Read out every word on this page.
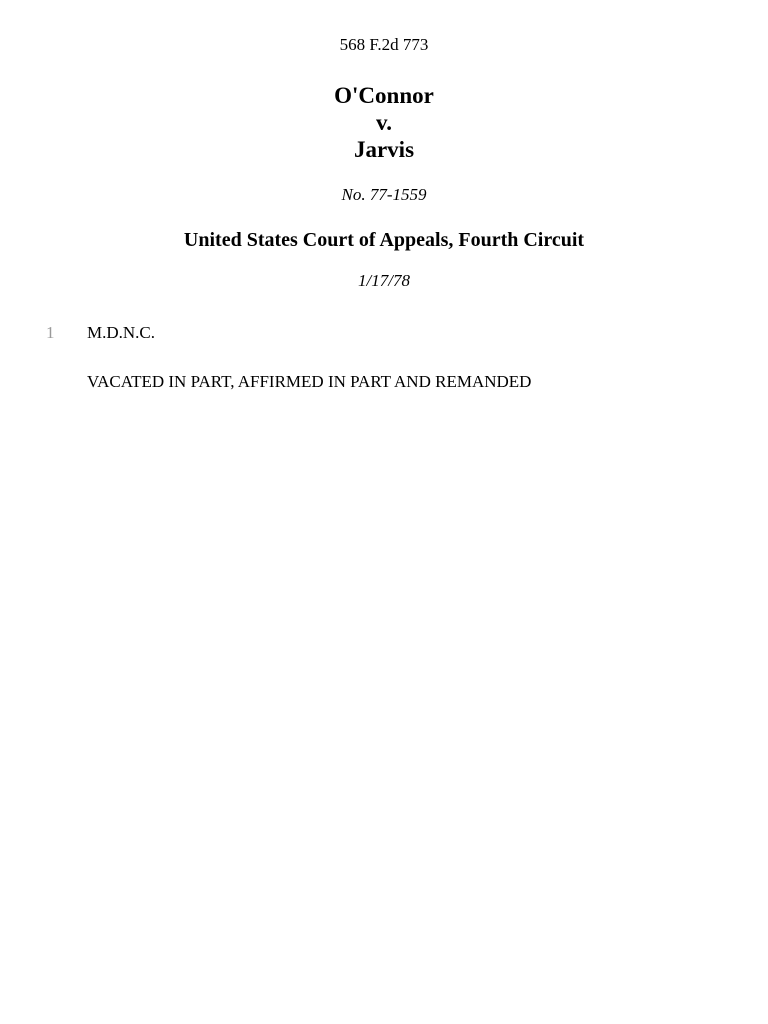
568 F.2d 773

O'Connor
v.
Jarvis

No. 77-1559

United States Court of Appeals, Fourth Circuit

1/17/78

1 M.D.N.C.
VACATED IN PART, AFFIRMED IN PART AND REMANDED
